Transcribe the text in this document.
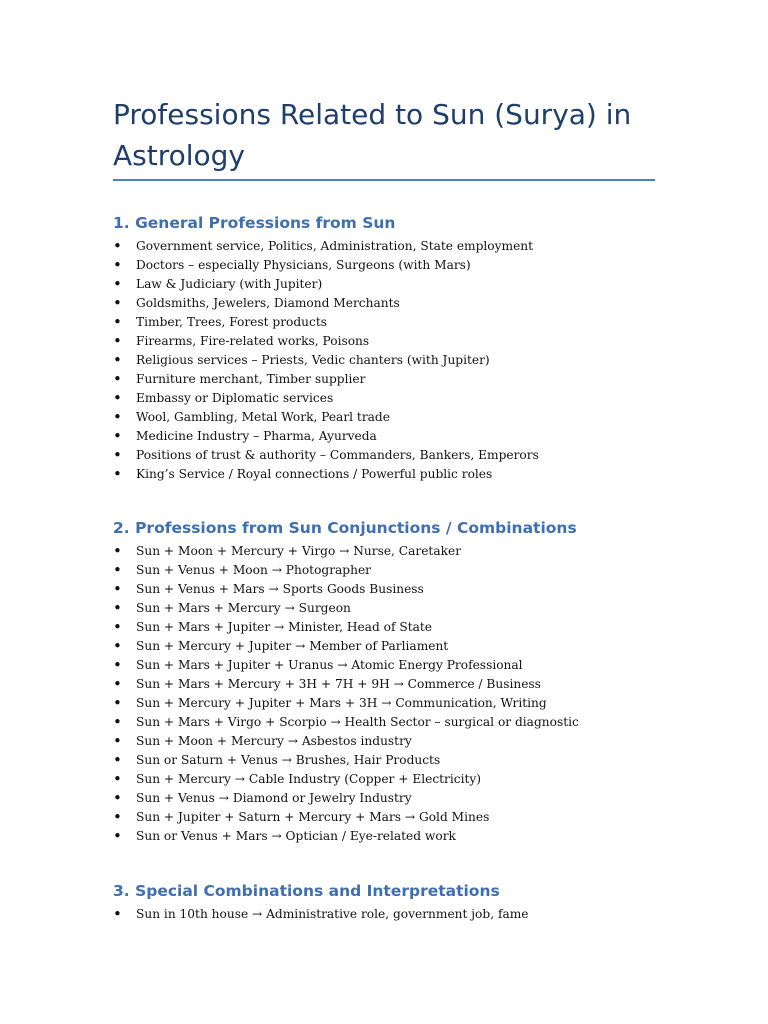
Professions Related to Sun (Surya) in Astrology
1. General Professions from Sun
• Government service, Politics, Administration, State employment
• Doctors – especially Physicians, Surgeons (with Mars)
• Law & Judiciary (with Jupiter)
• Goldsmiths, Jewelers, Diamond Merchants
• Timber, Trees, Forest products
• Firearms, Fire-related works, Poisons
• Religious services – Priests, Vedic chanters (with Jupiter)
• Furniture merchant, Timber supplier
• Embassy or Diplomatic services
• Wool, Gambling, Metal Work, Pearl trade
• Medicine Industry – Pharma, Ayurveda
• Positions of trust & authority – Commanders, Bankers, Emperors
• King’s Service / Royal connections / Powerful public roles
2. Professions from Sun Conjunctions / Combinations
• Sun + Moon + Mercury + Virgo → Nurse, Caretaker
• Sun + Venus + Moon → Photographer
• Sun + Venus + Mars → Sports Goods Business
• Sun + Mars + Mercury → Surgeon
• Sun + Mars + Jupiter → Minister, Head of State
• Sun + Mercury + Jupiter → Member of Parliament
• Sun + Mars + Jupiter + Uranus → Atomic Energy Professional
• Sun + Mars + Mercury + 3H + 7H + 9H → Commerce / Business
• Sun + Mercury + Jupiter + Mars + 3H → Communication, Writing
• Sun + Mars + Virgo + Scorpio → Health Sector – surgical or diagnostic
• Sun + Moon + Mercury → Asbestos industry
• Sun or Saturn + Venus → Brushes, Hair Products
• Sun + Mercury → Cable Industry (Copper + Electricity)
• Sun + Venus → Diamond or Jewelry Industry
• Sun + Jupiter + Saturn + Mercury + Mars → Gold Mines
• Sun or Venus + Mars → Optician / Eye-related work
3. Special Combinations and Interpretations
• Sun in 10th house → Administrative role, government job, fame
